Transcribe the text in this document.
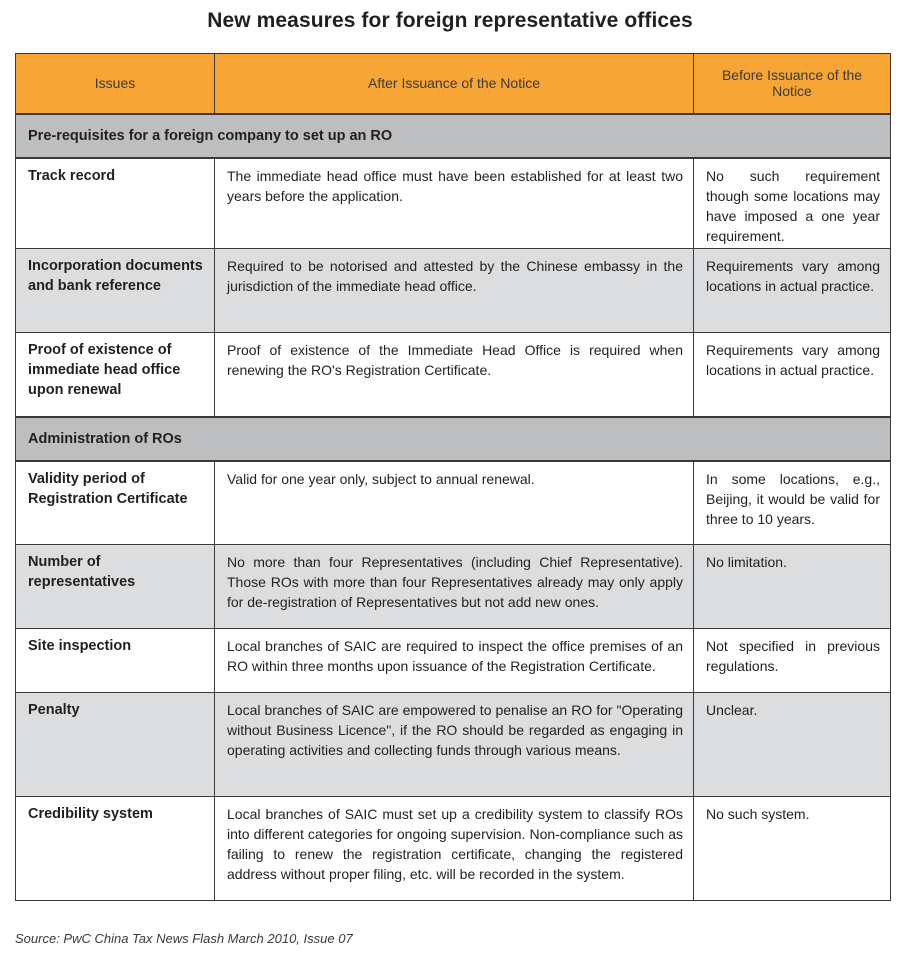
New measures for foreign representative offices
Issues	After Issuance of the Notice	Before Issuance of the Notice
Pre-requisites for a foreign company to set up an RO		
Track record	The immediate head office must have been established for at least two years before the application.	No such requirement though some locations may have imposed a one year requirement.
Incorporation documents and bank reference	Required to be notorised and attested by the Chinese embassy in the jurisdiction of the immediate head office.	Requirements vary among locations in actual practice.
Proof of existence of immediate head office upon renewal	Proof of existence of the Immediate Head Office is required when renewing the RO's Registration Certificate.	Requirements vary among locations in actual practice.
Administration of ROs		
Validity period of Registration Certificate	Valid for one year only, subject to annual renewal.	In some locations, e.g., Beijing, it would be valid for three to 10 years.
Number of representatives	No more than four Representatives (including Chief Representative). Those ROs with more than four Representatives already may only apply for de-registration of Representatives but not add new ones.	No limitation.
Site inspection	Local branches of SAIC are required to inspect the office premises of an RO within three months upon issuance of the Registration Certificate.	Not specified in previous regulations.
Penalty	Local branches of SAIC are empowered to penalise an RO for "Operating without Business Licence", if the RO should be regarded as engaging in operating activities and collecting funds through various means.	Unclear.
Credibility system	Local branches of SAIC must set up a credibility system to classify ROs into different categories for ongoing supervision. Non-compliance such as failing to renew the registration certificate, changing the registered address without proper filing, etc. will be recorded in the system.	No such system.
Source: PwC China Tax News Flash March 2010, Issue 07
